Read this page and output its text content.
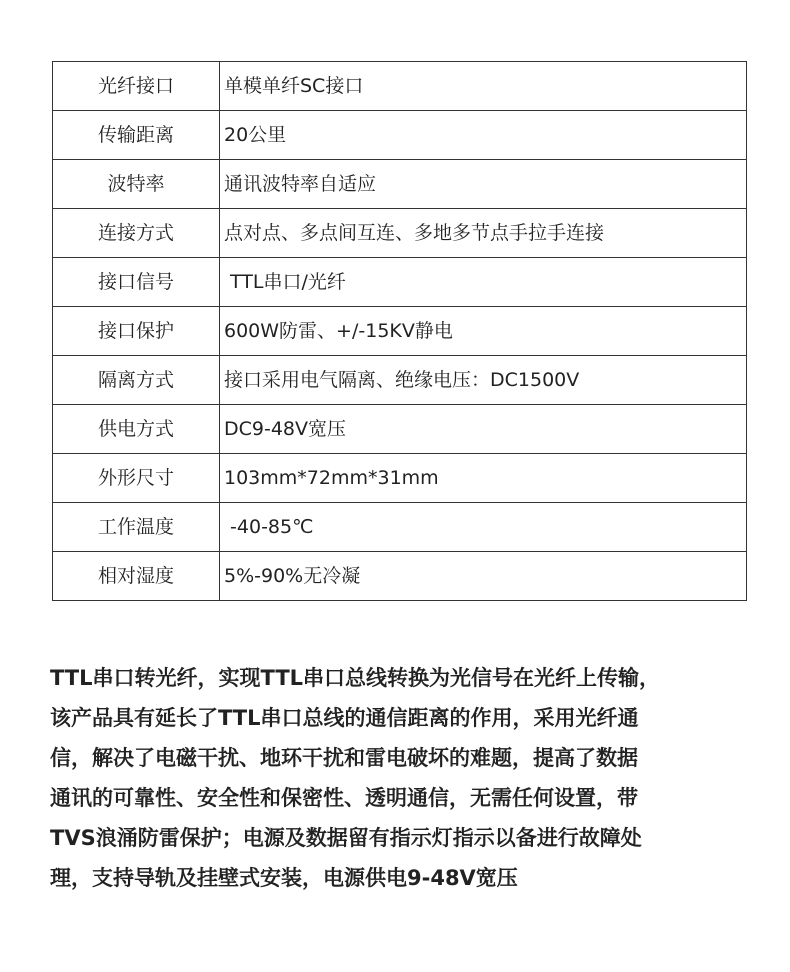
光纤接口	单模单纤SC接口
传输距离	20公里
波特率	通讯波特率自适应
连接方式	点对点、多点间互连、多地多节点手拉手连接
接口信号	TTL串口/光纤
接口保护	600W防雷、+/-15KV静电
隔离方式	接口采用电气隔离、绝缘电压：DC1500V
供电方式	DC9-48V宽压
外形尺寸	103mm*72mm*31mm
工作温度	-40-85℃
相对湿度	5%-90%无冷凝

TTL串口转光纤，实现TTL串口总线转换为光信号在光纤上传输，
该产品具有延长了TTL串口总线的通信距离的作用，采用光纤通
信，解决了电磁干扰、地环干扰和雷电破坏的难题，提高了数据
通讯的可靠性、安全性和保密性、透明通信，无需任何设置，带
TVS浪涌防雷保护；电源及数据留有指示灯指示以备进行故障处
理，支持导轨及挂壁式安装，电源供电9-48V宽压
